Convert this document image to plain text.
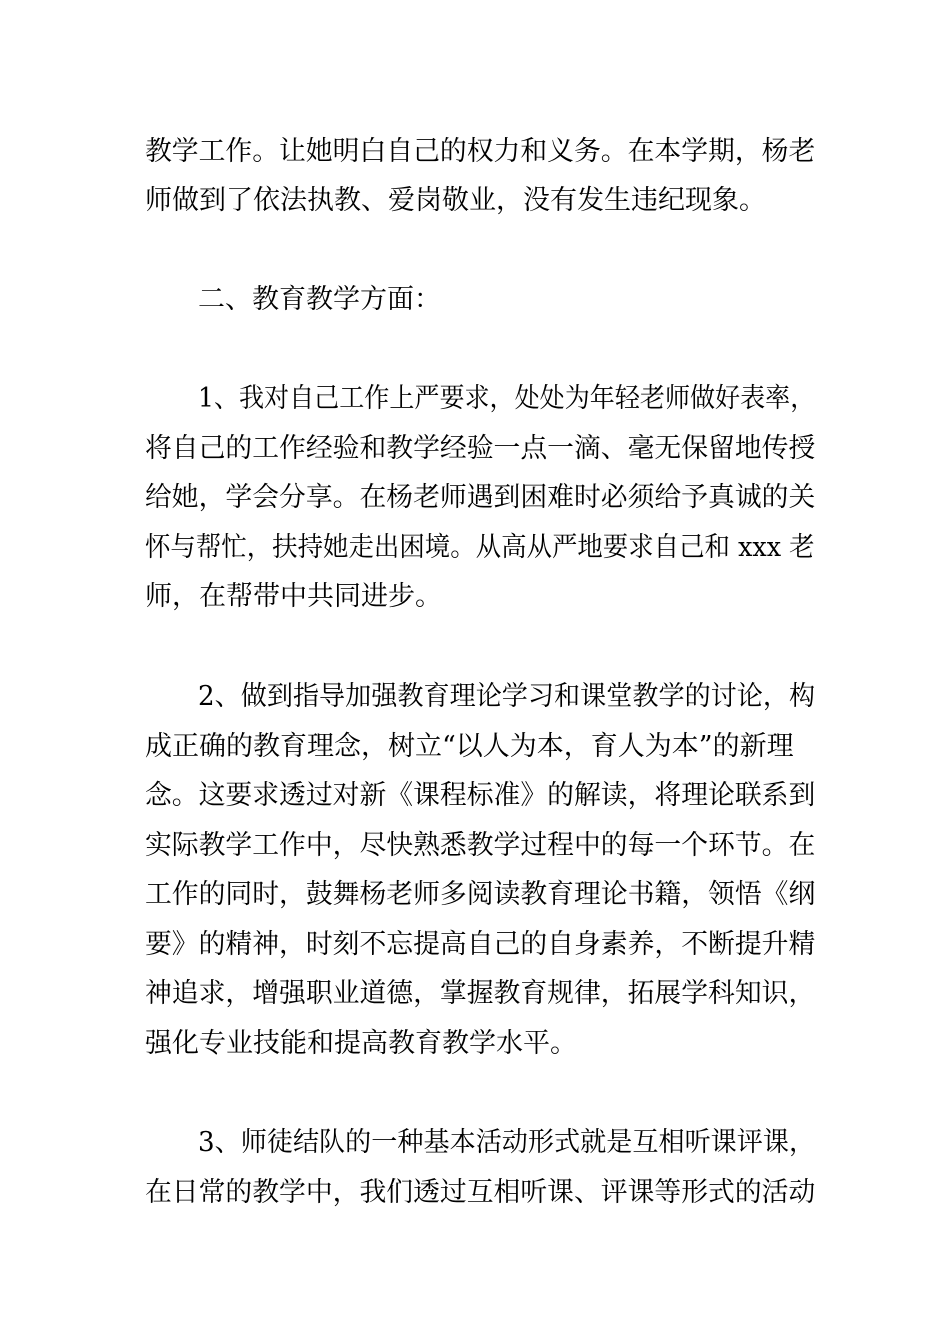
教学工作。让她明白自己的权力和义务。在本学期，杨老
师做到了依法执教、爱岗敬业，没有发生违纪现象。
二、教育教学方面：
1、我对自己工作上严要求，处处为年轻老师做好表率，
将自己的工作经验和教学经验一点一滴、毫无保留地传授
给她，学会分享。在杨老师遇到困难时必须给予真诚的关
怀与帮忙，扶持她走出困境。从高从严地要求自己和 xxx 老
师，在帮带中共同进步。
2、做到指导加强教育理论学习和课堂教学的讨论，构
成正确的教育理念，树立“以人为本，育人为本”的新理
念。这要求透过对新《课程标准》的解读，将理论联系到
实际教学工作中，尽快熟悉教学过程中的每一个环节。在
工作的同时，鼓舞杨老师多阅读教育理论书籍，领悟《纲
要》的精神，时刻不忘提高自己的自身素养，不断提升精
神追求，增强职业道德，掌握教育规律，拓展学科知识，
强化专业技能和提高教育教学水平。
3、师徒结队的一种基本活动形式就是互相听课评课，
在日常的教学中，我们透过互相听课、评课等形式的活动
